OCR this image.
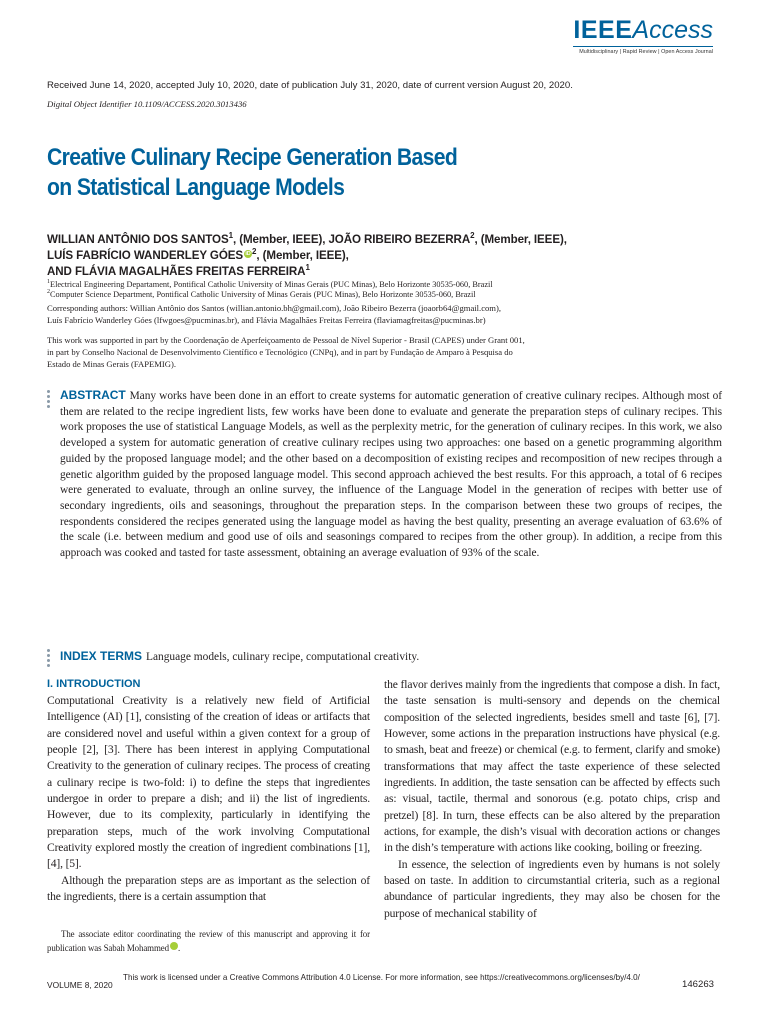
IEEEAccess
Multidisciplinary | Rapid Review | Open Access Journal
Received June 14, 2020, accepted July 10, 2020, date of publication July 31, 2020, date of current version August 20, 2020.
Digital Object Identifier 10.1109/ACCESS.2020.3013436
Creative Culinary Recipe Generation Based
on Statistical Language Models
WILLIAN ANTÔNIO DOS SANTOS$^1$, (Member, IEEE), JOÃO RIBEIRO BEZERRA$^2$, (Member, IEEE),
LUÍS FABRÍCIO WANDERLEY GÓES $iD^2$, (Member, IEEE),
AND FLÁVIA MAGALHÃES FREITAS FERREIRA$^1$
$^1$Electrical Engineering Departament, Pontifical Catholic University of Minas Gerais (PUC Minas), Belo Horizonte 30535-060, Brazil
$^2$Computer Science Department, Pontifical Catholic University of Minas Gerais (PUC Minas), Belo Horizonte 30535-060, Brazil
Corresponding authors: Willian Antônio dos Santos (willian.antonio.bh@gmail.com), João Ribeiro Bezerra (joaorb64@gmail.com),
Luís Fabrício Wanderley Góes (lfwgoes@pucminas.br), and Flávia Magalhães Freitas Ferreira (flaviamagfreitas@pucminas.br)
This work was supported in part by the Coordenação de Aperfeiçoamento de Pessoal de Nível Superior - Brasil (CAPES) under Grant 001,
in part by Conselho Nacional de Desenvolvimento Científico e Tecnológico (CNPq), and in part by Fundação de Amparo à Pesquisa do
Estado de Minas Gerais (FAPEMIG).
ABSTRACT Many works have been done in an effort to create systems for automatic generation of creative culinary recipes. Although most of them are related to the recipe ingredient lists, few works have been done to evaluate and generate the preparation steps of culinary recipes. This work proposes the use of statistical Language Models, as well as the perplexity metric, for the generation of culinary recipes. In this work, we also developed a system for automatic generation of creative culinary recipes using two approaches: one based on a genetic programming algorithm guided by the proposed language model; and the other based on a decomposition of existing recipes and recomposition of new recipes through a genetic algorithm guided by the proposed language model. This second approach achieved the best results. For this approach, a total of 6 recipes were generated to evaluate, through an online survey, the influence of the Language Model in the generation of recipes with better use of secondary ingredients, oils and seasonings, throughout the preparation steps. In the comparison between these two groups of recipes, the respondents considered the recipes generated using the language model as having the best quality, presenting an average evaluation of 63.6% of the scale (i.e. between medium and good use of oils and seasonings compared to recipes from the other group). In addition, a recipe from this approach was cooked and tasted for taste assessment, obtaining an average evaluation of 93% of the scale.
INDEX TERMS Language models, culinary recipe, computational creativity.
I. INTRODUCTION

Computational Creativity is a relatively new field of Artificial Intelligence (AI) [1], consisting of the creation of ideas or artifacts that are considered novel and useful within a given context for a group of people [2], [3]. There has been interest in applying Computational Creativity to the generation of culinary recipes. The process of creating a culinary recipe is two-fold: i) to define the steps that ingredientes undergoe in order to prepare a dish; and ii) the list of ingredients. However, due to its complexity, particularly in identifying the preparation steps, much of the work involving Computational Creativity explored mostly the creation of ingredient combinations [1], [4], [5].

Although the preparation steps are as important as the selection of the ingredients, there is a certain assumption that

the flavor derives mainly from the ingredients that compose a dish. In fact, the taste sensation is multi-sensory and depends on the chemical composition of the selected ingredients, besides smell and taste [6], [7]. However, some actions in the preparation instructions have physical (e.g. to smash, beat and freeze) or chemical (e.g. to ferment, clarify and smoke) transformations that may affect the taste experience of these selected ingredients. In addition, the taste sensation can be affected by effects such as: visual, tactile, thermal and sonorous (e.g. potato chips, crisp and pretzel) [8]. In turn, these effects can be also altered by the preparation actions, for example, the dish’s visual with decoration actions or changes in the dish’s temperature with actions like cooking, boiling or freezing.

In essence, the selection of ingredients even by humans is not solely based on taste. In addition to circumstantial criteria, such as a regional abundance of particular ingredients, they may also be chosen for the purpose of mechanical stability of

The associate editor coordinating the review of this manuscript and approving it for publication was Sabah Mohammed	iD.

VOLUME 8, 2020
This work is licensed under a Creative Commons Attribution 4.0 License. For more information, see https://creativecommons.org/licenses/by/4.0/
146263
